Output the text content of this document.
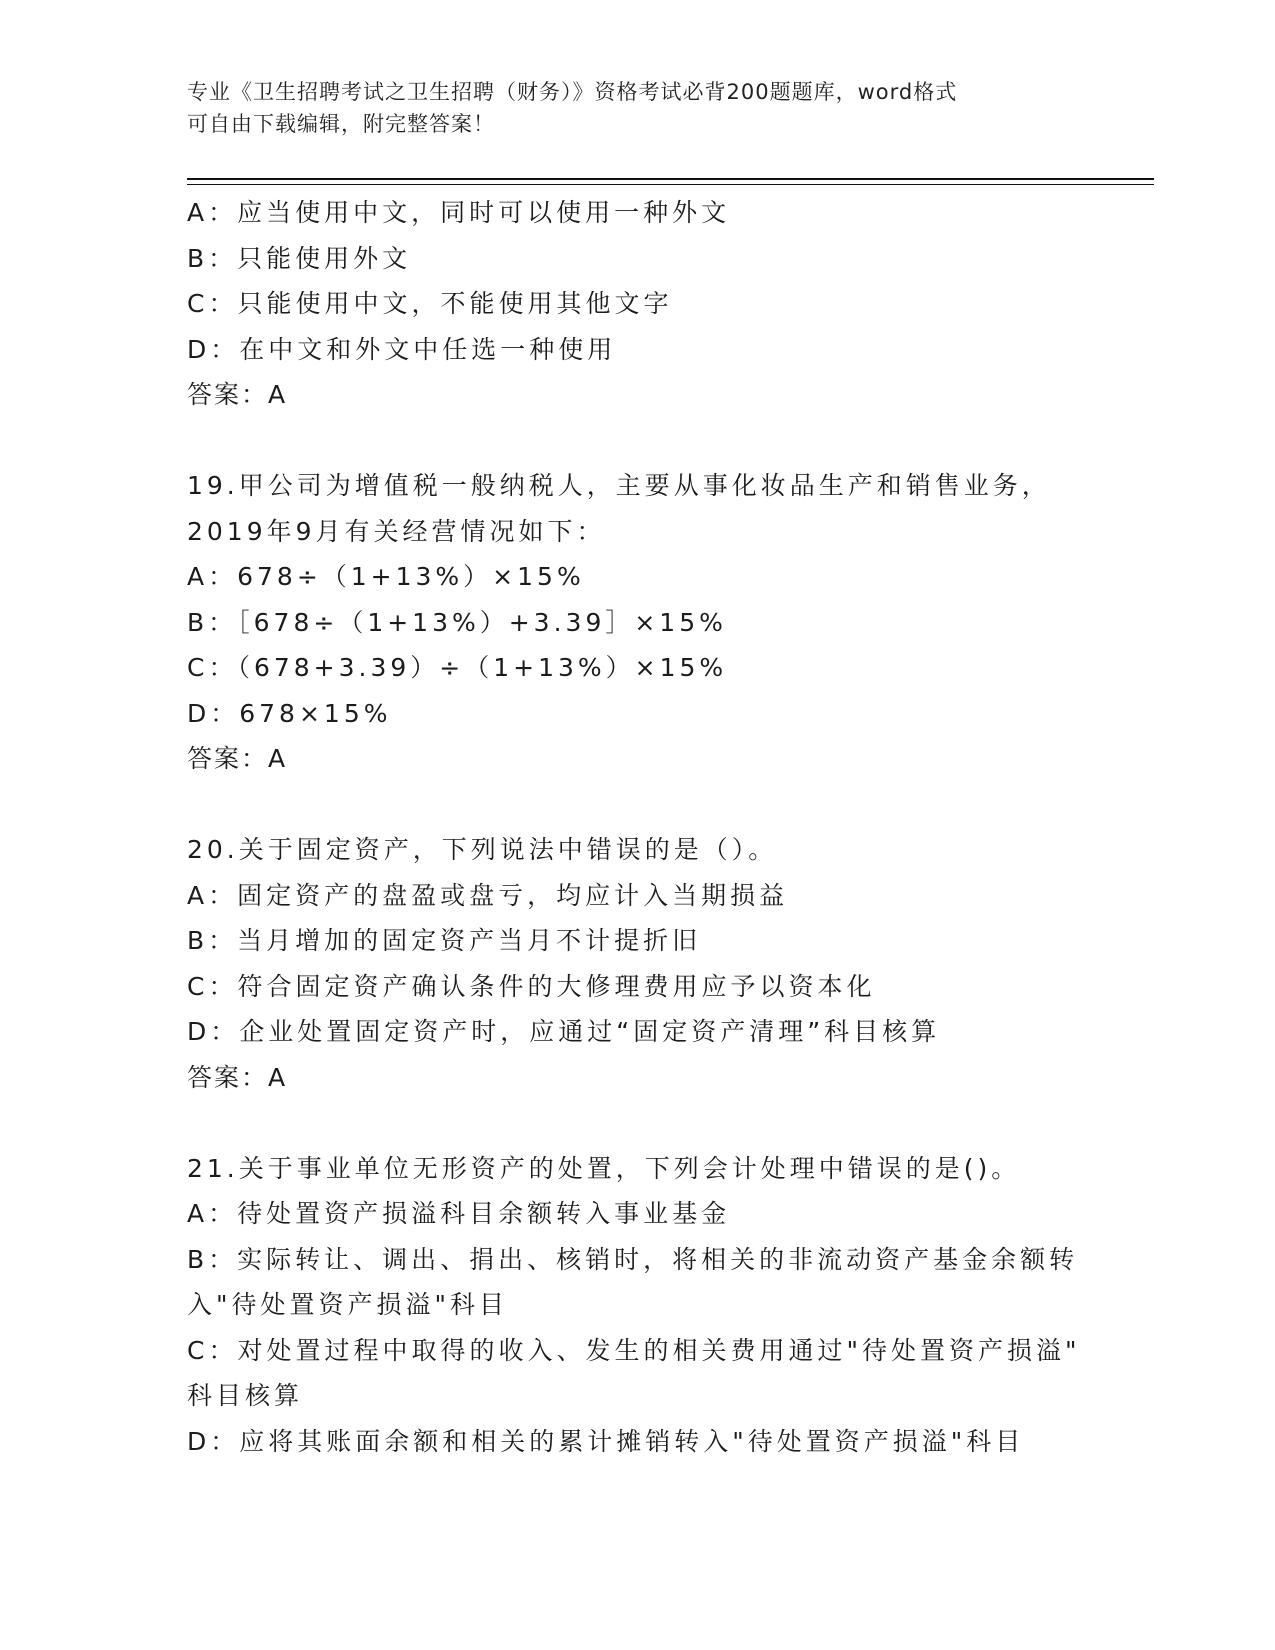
专业《卫生招聘考试之卫生招聘（财务）》资格考试必背200题题库，word格式
可自由下载编辑，附完整答案！
A：应当使用中文，同时可以使用一种外文
B：只能使用外文
C：只能使用中文，不能使用其他文字
D：在中文和外文中任选一种使用
答案：A
19.甲公司为增值税一般纳税人，主要从事化妆品生产和销售业务，
2019年9月有关经营情况如下：
A：678÷（1+13%）×15%
B：［678÷（1+13%）+3.39］×15%
C：（678+3.39）÷（1+13%）×15%
D：678×15%
答案：A
20.关于固定资产，下列说法中错误的是（）。
A：固定资产的盘盈或盘亏，均应计入当期损益
B：当月增加的固定资产当月不计提折旧
C：符合固定资产确认条件的大修理费用应予以资本化
D：企业处置固定资产时，应通过“固定资产清理”科目核算
答案：A
21.关于事业单位无形资产的处置，下列会计处理中错误的是()。
A：待处置资产损溢科目余额转入事业基金
B：实际转让、调出、捐出、核销时，将相关的非流动资产基金余额转
入"待处置资产损溢"科目
C：对处置过程中取得的收入、发生的相关费用通过"待处置资产损溢"
科目核算
D：应将其账面余额和相关的累计摊销转入"待处置资产损溢"科目
